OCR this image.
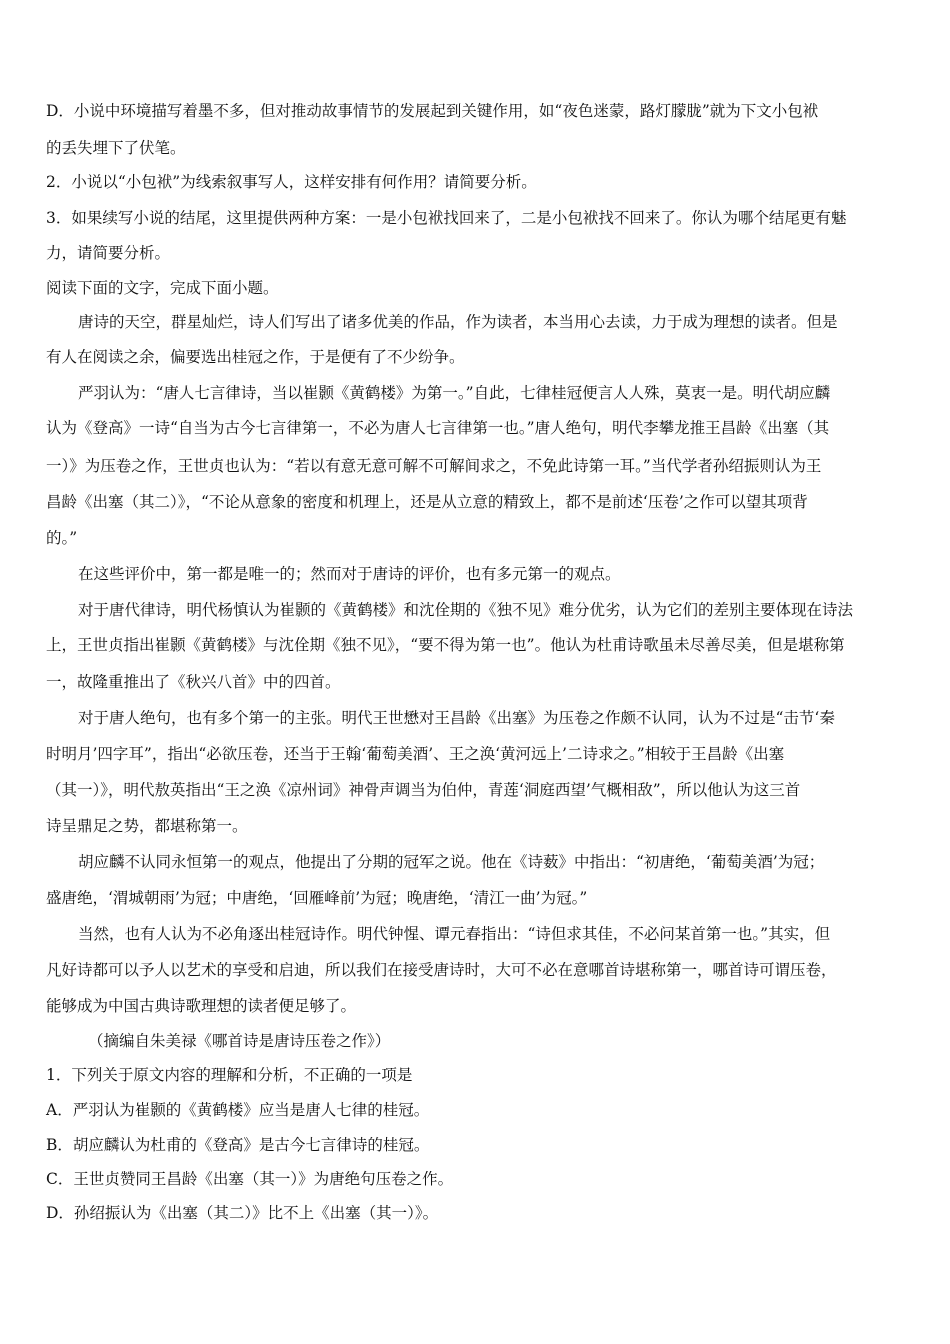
D．小说中环境描写着墨不多，但对推动故事情节的发展起到关键作用，如“夜色迷蒙，路灯朦胧”就为下文小包袱
的丢失埋下了伏笔。
2．小说以“小包袱”为线索叙事写人，这样安排有何作用？请简要分析。
3．如果续写小说的结尾，这里提供两种方案：一是小包袱找回来了，二是小包袱找不回来了。你认为哪个结尾更有魅
力，请简要分析。
阅读下面的文字，完成下面小题。
唐诗的天空，群星灿烂，诗人们写出了诸多优美的作品，作为读者，本当用心去读，力于成为理想的读者。但是
有人在阅读之余，偏要选出桂冠之作，于是便有了不少纷争。
严羽认为：“唐人七言律诗，当以崔颢《黄鹤楼》为第一。”自此，七律桂冠便言人人殊，莫衷一是。明代胡应麟
认为《登高》一诗“自当为古今七言律第一，不必为唐人七言律第一也。”唐人绝句，明代李攀龙推王昌龄《出塞（其
一）》为压卷之作，王世贞也认为：“若以有意无意可解不可解间求之，不免此诗第一耳。”当代学者孙绍振则认为王
昌龄《出塞（其二）》，“不论从意象的密度和机理上，还是从立意的精致上，都不是前述‘压卷’之作可以望其项背
的。”
在这些评价中，第一都是唯一的；然而对于唐诗的评价，也有多元第一的观点。
对于唐代律诗，明代杨慎认为崔颢的《黄鹤楼》和沈佺期的《独不见》难分优劣，认为它们的差别主要体现在诗法
上，王世贞指出崔颢《黄鹤楼》与沈佺期《独不见》，“要不得为第一也”。他认为杜甫诗歌虽未尽善尽美，但是堪称第
一，故隆重推出了《秋兴八首》中的四首。
对于唐人绝句，也有多个第一的主张。明代王世懋对王昌龄《出塞》为压卷之作颇不认同，认为不过是“击节‘秦
时明月’四字耳”，指出“必欲压卷，还当于王翰‘葡萄美酒’、王之涣‘黄河远上’二诗求之。”相较于王昌龄《出塞
（其一）》，明代敖英指出“王之涣《凉州词》神骨声调当为伯仲，青莲‘洞庭西望’气概相敌”，所以他认为这三首
诗呈鼎足之势，都堪称第一。
胡应麟不认同永恒第一的观点，他提出了分期的冠军之说。他在《诗薮》中指出：“初唐绝，‘葡萄美酒’为冠；
盛唐绝，‘渭城朝雨’为冠；中唐绝，‘回雁峰前’为冠；晚唐绝，‘清江一曲’为冠。”
当然，也有人认为不必角逐出桂冠诗作。明代钟惺、谭元春指出：“诗但求其佳，不必问某首第一也。”其实，但
凡好诗都可以予人以艺术的享受和启迪，所以我们在接受唐诗时，大可不必在意哪首诗堪称第一，哪首诗可谓压卷，
能够成为中国古典诗歌理想的读者便足够了。
（摘编自朱美禄《哪首诗是唐诗压卷之作》）
1．下列关于原文内容的理解和分析，不正确的一项是
A．严羽认为崔颢的《黄鹤楼》应当是唐人七律的桂冠。
B．胡应麟认为杜甫的《登高》是古今七言律诗的桂冠。
C．王世贞赞同王昌龄《出塞（其一）》为唐绝句压卷之作。
D．孙绍振认为《出塞（其二）》比不上《出塞（其一）》。
